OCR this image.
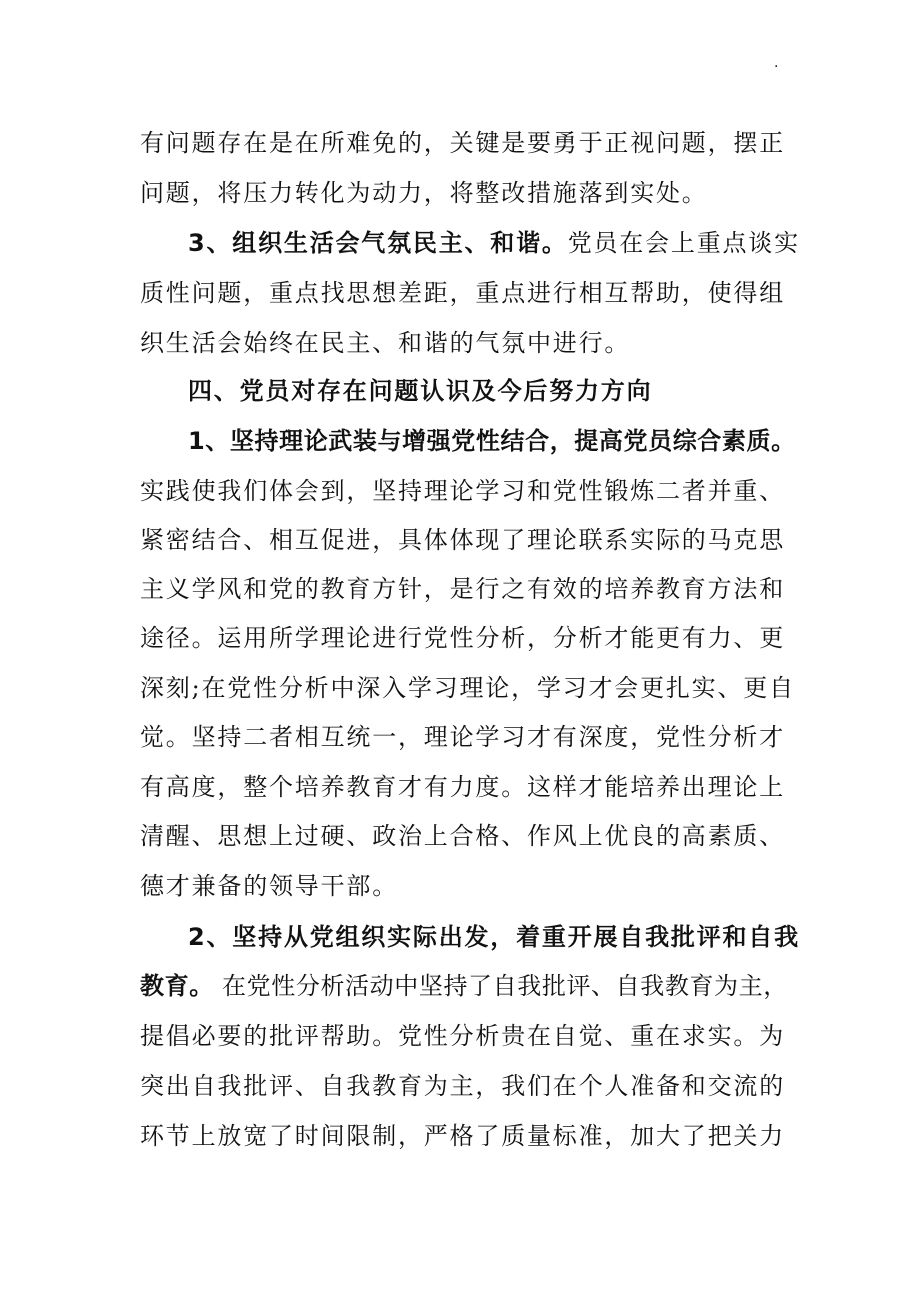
.
有问题存在是在所难免的，关键是要勇于正视问题，摆正
问题，将压力转化为动力，将整改措施落到实处。
3、组织生活会气氛民主、和谐。党员在会上重点谈实
质性问题，重点找思想差距，重点进行相互帮助，使得组
织生活会始终在民主、和谐的气氛中进行。
四、党员对存在问题认识及今后努力方向
1、坚持理论武装与增强党性结合，提高党员综合素质。
实践使我们体会到，坚持理论学习和党性锻炼二者并重、
紧密结合、相互促进，具体体现了理论联系实际的马克思
主义学风和党的教育方针，是行之有效的培养教育方法和
途径。运用所学理论进行党性分析，分析才能更有力、更
深刻;在党性分析中深入学习理论，学习才会更扎实、更自
觉。坚持二者相互统一，理论学习才有深度，党性分析才
有高度，整个培养教育才有力度。这样才能培养出理论上
清醒、思想上过硬、政治上合格、作风上优良的高素质、
德才兼备的领导干部。
2、坚持从党组织实际出发，着重开展自我批评和自我
教育。 在党性分析活动中坚持了自我批评、自我教育为主，
提倡必要的批评帮助。党性分析贵在自觉、重在求实。为
突出自我批评、自我教育为主，我们在个人准备和交流的
环节上放宽了时间限制，严格了质量标准，加大了把关力
